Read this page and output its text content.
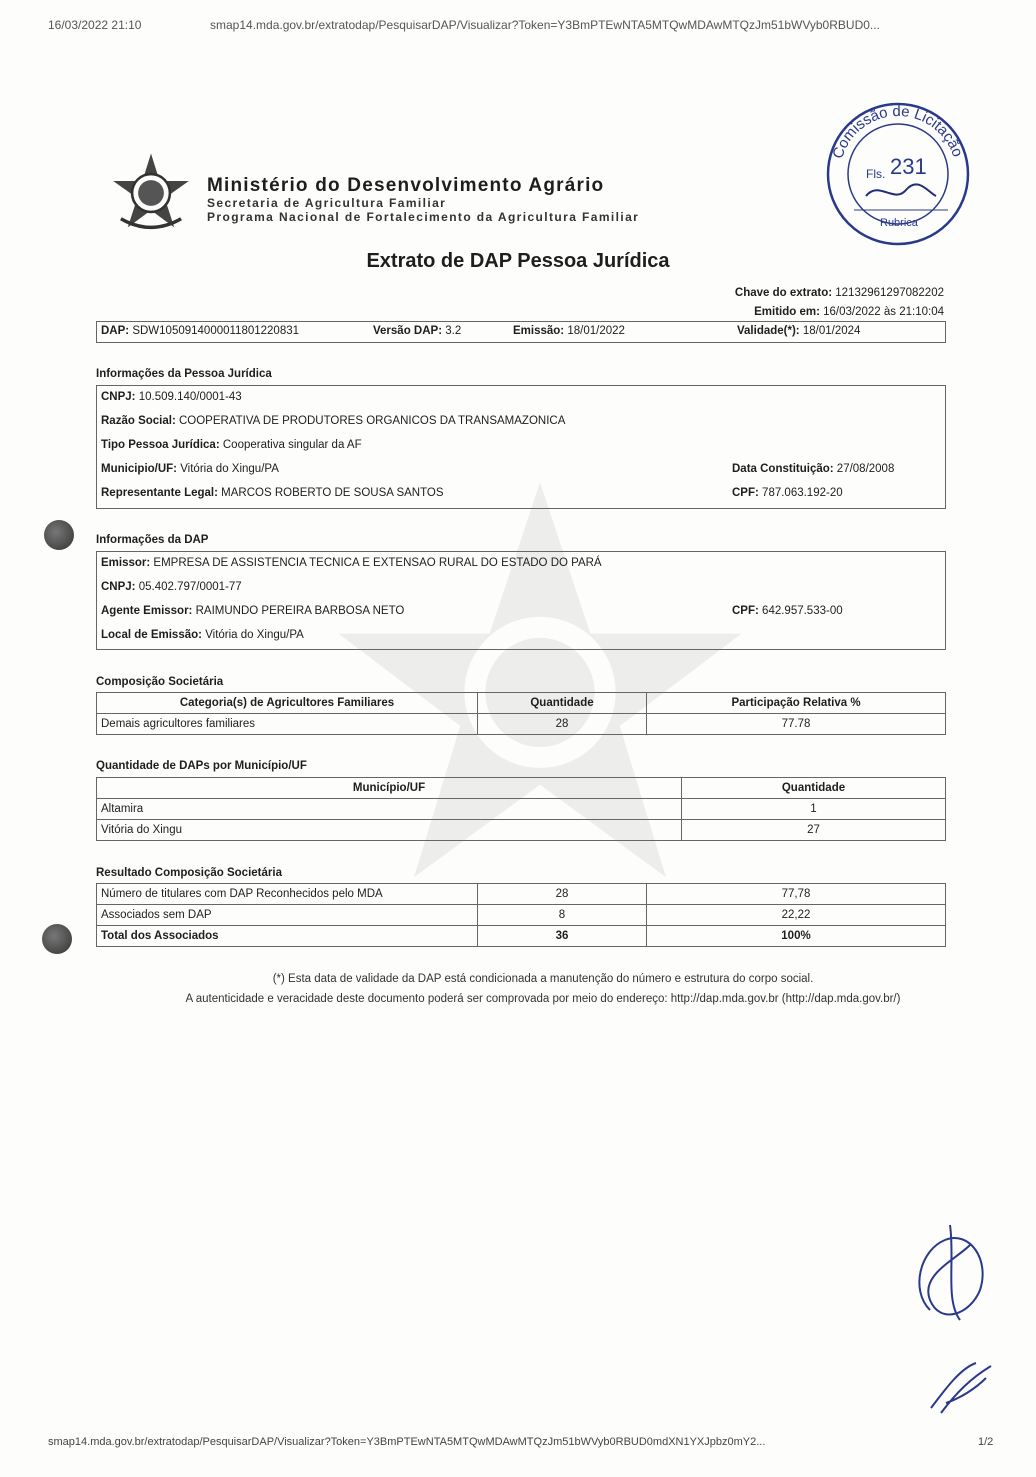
16/03/2022 21:10	smap14.mda.gov.br/extratodap/PesquisarDAP/Visualizar?Token=Y3BmPTEwNTA5MTQwMDAwMTQzJm51bWVyb0RBUD0...
Ministério do Desenvolvimento Agrário
Secretaria de Agricultura Familiar
Programa Nacional de Fortalecimento da Agricultura Familiar
Comissão de Licitação
Fls. 231
Rubrica
Extrato de DAP Pessoa Jurídica
Chave do extrato: 12132961297082202
Emitido em: 16/03/2022 às 21:10:04
DAP: SDW1050914000011801220831	Versão DAP: 3.2	Emissão: 18/01/2022	Validade(*): 18/01/2024
Informações da Pessoa Jurídica
CNPJ: 10.509.140/0001-43
Razão Social: COOPERATIVA DE PRODUTORES ORGANICOS DA TRANSAMAZONICA
Tipo Pessoa Jurídica: Cooperativa singular da AF
Municipio/UF: Vitória do Xingu/PA	Data Constituição: 27/08/2008
Representante Legal: MARCOS ROBERTO DE SOUSA SANTOS	CPF: 787.063.192-20
Informações da DAP
Emissor: EMPRESA DE ASSISTENCIA TECNICA E EXTENSAO RURAL DO ESTADO DO PARÁ
CNPJ: 05.402.797/0001-77
Agente Emissor: RAIMUNDO PEREIRA BARBOSA NETO	CPF: 642.957.533-00
Local de Emissão: Vitória do Xingu/PA
Composição Societária
Categoria(s) de Agricultores Familiares	Quantidade	Participação Relativa %
Demais agricultores familiares	28	77.78
Quantidade de DAPs por Município/UF
Município/UF	Quantidade
Altamira	1
Vitória do Xingu	27
Resultado Composição Societária
Número de titulares com DAP Reconhecidos pelo MDA	28	77,78
Associados sem DAP	8	22,22
Total dos Associados	36	100%
(*) Esta data de validade da DAP está condicionada a manutenção do número e estrutura do corpo social.
A autenticidade e veracidade deste documento poderá ser comprovada por meio do endereço: http://dap.mda.gov.br (http://dap.mda.gov.br/)
smap14.mda.gov.br/extratodap/PesquisarDAP/Visualizar?Token=Y3BmPTEwNTA5MTQwMDAwMTQzJm51bWVyb0RBUD0mdXN1YXJpbz0mY2...	1/2
